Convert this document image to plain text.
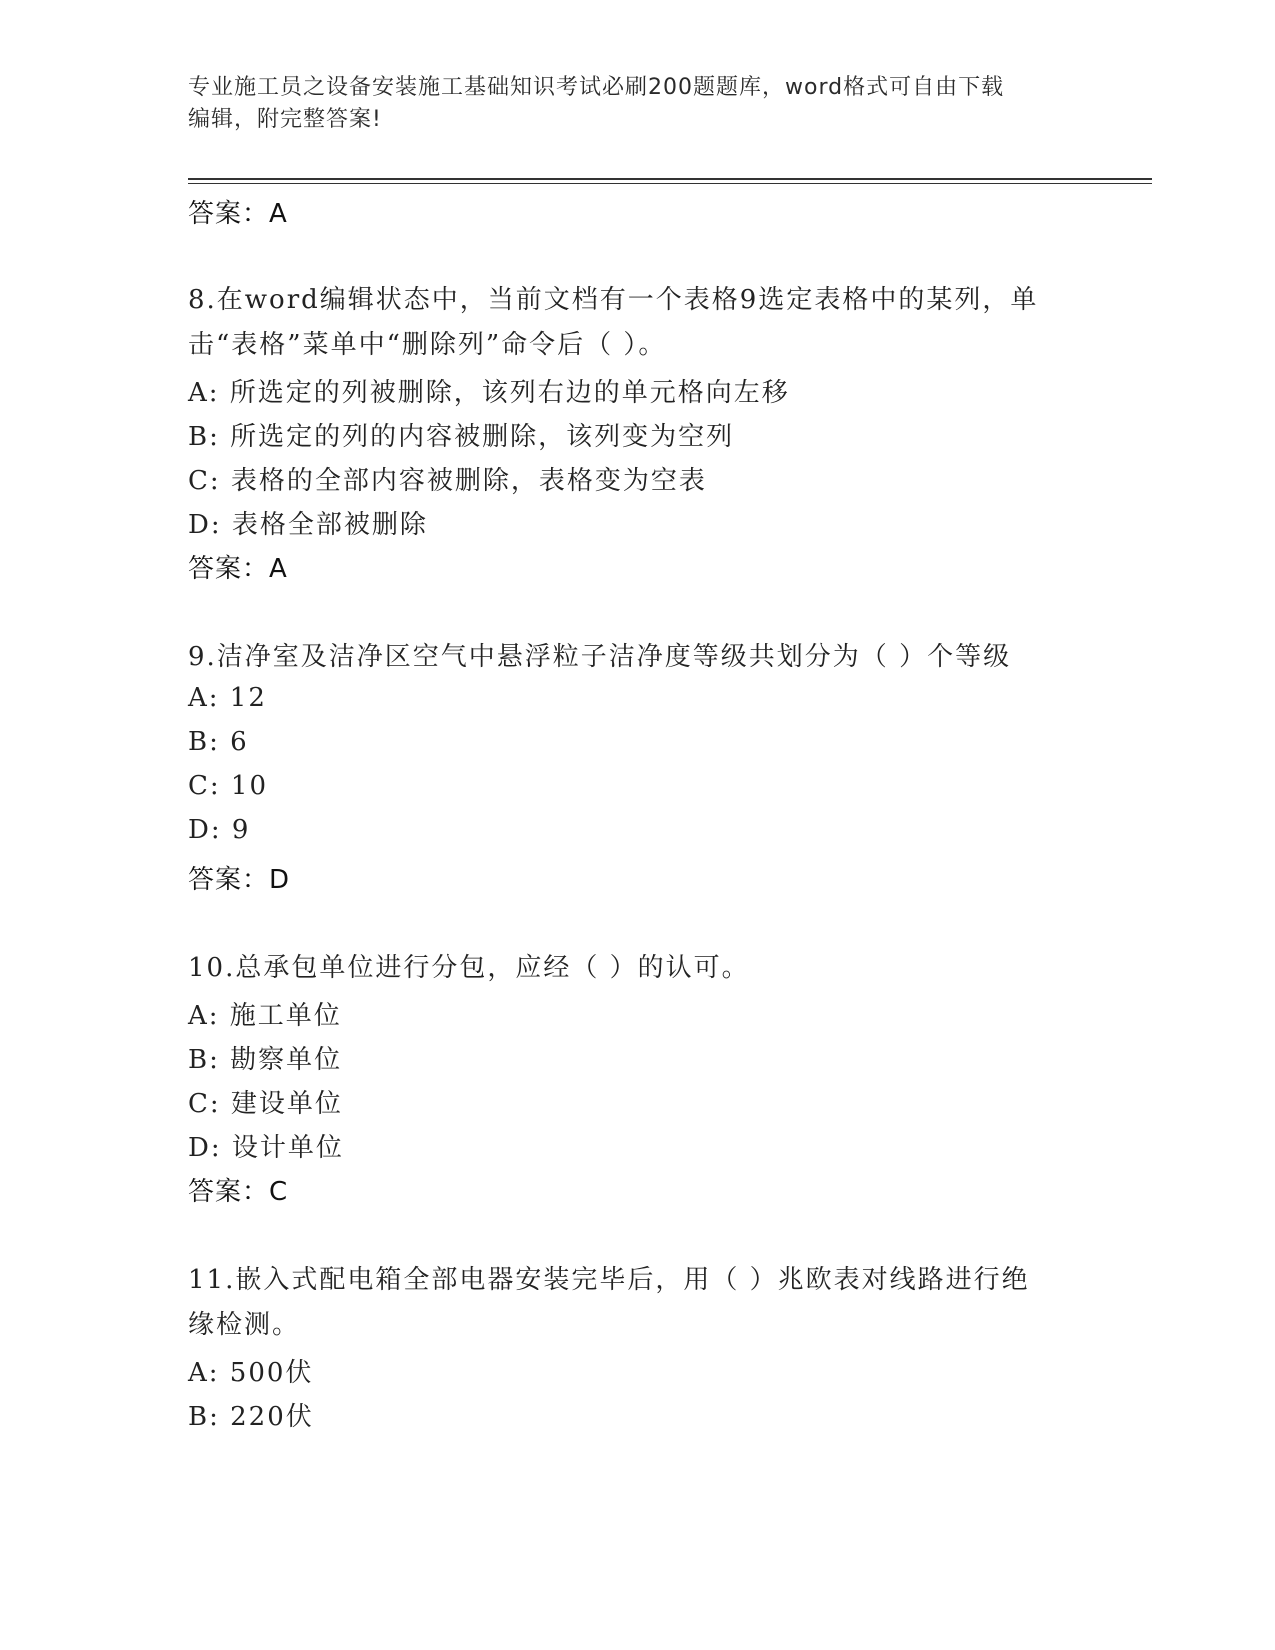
专业施工员之设备安装施工基础知识考试必刷200题题库，word格式可自由下载
编辑，附完整答案!
答案：A
8.在word编辑状态中，当前文档有一个表格9选定表格中的某列，单
击“表格”菜单中“删除列”命令后（ ）。
A: 所选定的列被删除，该列右边的单元格向左移
B: 所选定的列的内容被删除，该列变为空列
C: 表格的全部内容被删除，表格变为空表
D: 表格全部被删除
答案：A
9.洁净室及洁净区空气中悬浮粒子洁净度等级共划分为（ ）个等级
A: 12
B: 6
C: 10
D: 9
答案：D
10.总承包单位进行分包，应经（ ）的认可。
A: 施工单位
B: 勘察单位
C: 建设单位
D: 设计单位
答案：C
11.嵌入式配电箱全部电器安装完毕后，用（ ）兆欧表对线路进行绝
缘检测。
A: 500伏
B: 220伏
